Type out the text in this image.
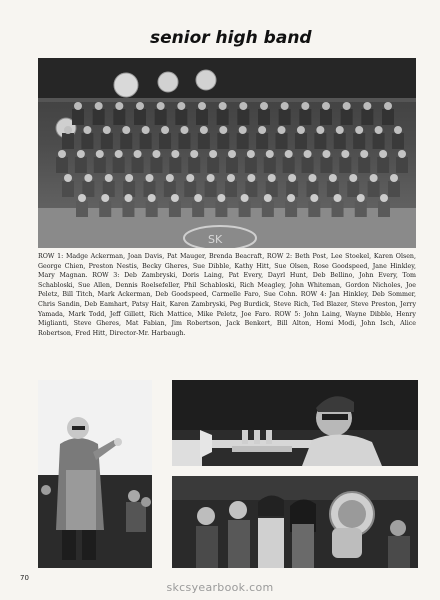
senior high band
SK
ROW 1: Madge Ackerman, Joan Davis, Pat Mauger, Brenda Beacraft, ROW 2: Beth Post, Lee Stoekel, Karen Olsen, George Chien, Preston Nestis, Becky Gheres, Sue Dibble, Kathy Hitt, Sue Olsen, Rose Goodspeed, Jane Hinkley, Mary Magnan. ROW 3: Deb Zambryski, Doris Laing, Pat Every, Dayrl Hunt, Deb Bellino, John Every, Tom Schabloski, Sue Allen, Dennis Roelsefeller, Phil Schabloski, Rich Meagley, John Whiteman, Gordon Nicholes, Joe Peletz, Bill Titch, Mark Ackerman, Deb Goodspeed, Carmelle Faro, Sue Cohn. ROW 4: Jan Hinkley, Deb Sommer, Chris Sandin, Deb Eamhart, Patsy Hait, Karen Zambryski, Peg Burdick, Steve Rich, Ted Blazer, Steve Preston, Jerry Yamada, Mark Todd, Jeff Gillett, Rich Mattice, Mike Peletz, Joe Faro. ROW 5: John Laing, Wayne Dibble, Henry Miglianti, Steve Gheres, Mat Fabian, Jim Robertson, Jack Benkert, Bill Alton, Homi Modi, John Isch, Alice Robertson, Fred Hitt, Director-Mr. Harbaugh.
70
skcsyearbook.com
